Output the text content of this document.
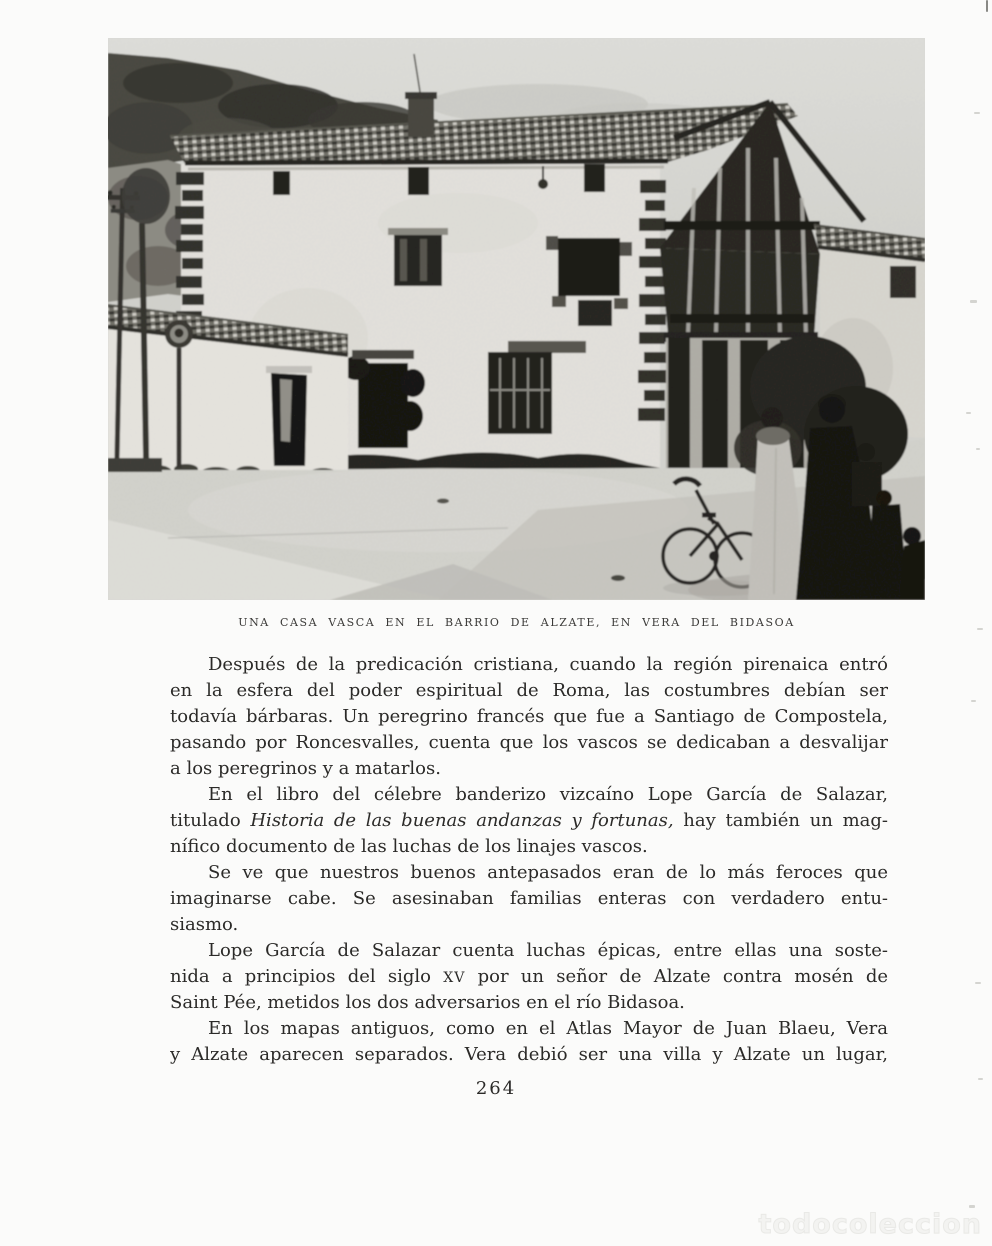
UNA CASA VASCA EN EL BARRIO DE ALZATE, EN VERA DEL BIDASOA
Después de la predicación cristiana, cuando la región pirenaica entró
en la esfera del poder espiritual de Roma, las costumbres debían ser
todavía bárbaras. Un peregrino francés que fue a Santiago de Compostela,
pasando por Roncesvalles, cuenta que los vascos se dedicaban a desvalijar
a los peregrinos y a matarlos.
En el libro del célebre banderizo vizcaíno Lope García de Salazar,
titulado Historia de las buenas andanzas y fortunas, hay también un mag-
nífico documento de las luchas de los linajes vascos.
Se ve que nuestros buenos antepasados eran de lo más feroces que
imaginarse cabe. Se asesinaban familias enteras con verdadero entu-
siasmo.
Lope García de Salazar cuenta luchas épicas, entre ellas una soste-
nida a principios del siglo XV por un señor de Alzate contra mosén de
Saint Pée, metidos los dos adversarios en el río Bidasoa.
En los mapas antiguos, como en el Atlas Mayor de Juan Blaeu, Vera
y Alzate aparecen separados. Vera debió ser una villa y Alzate un lugar,
264
todocoleccion
